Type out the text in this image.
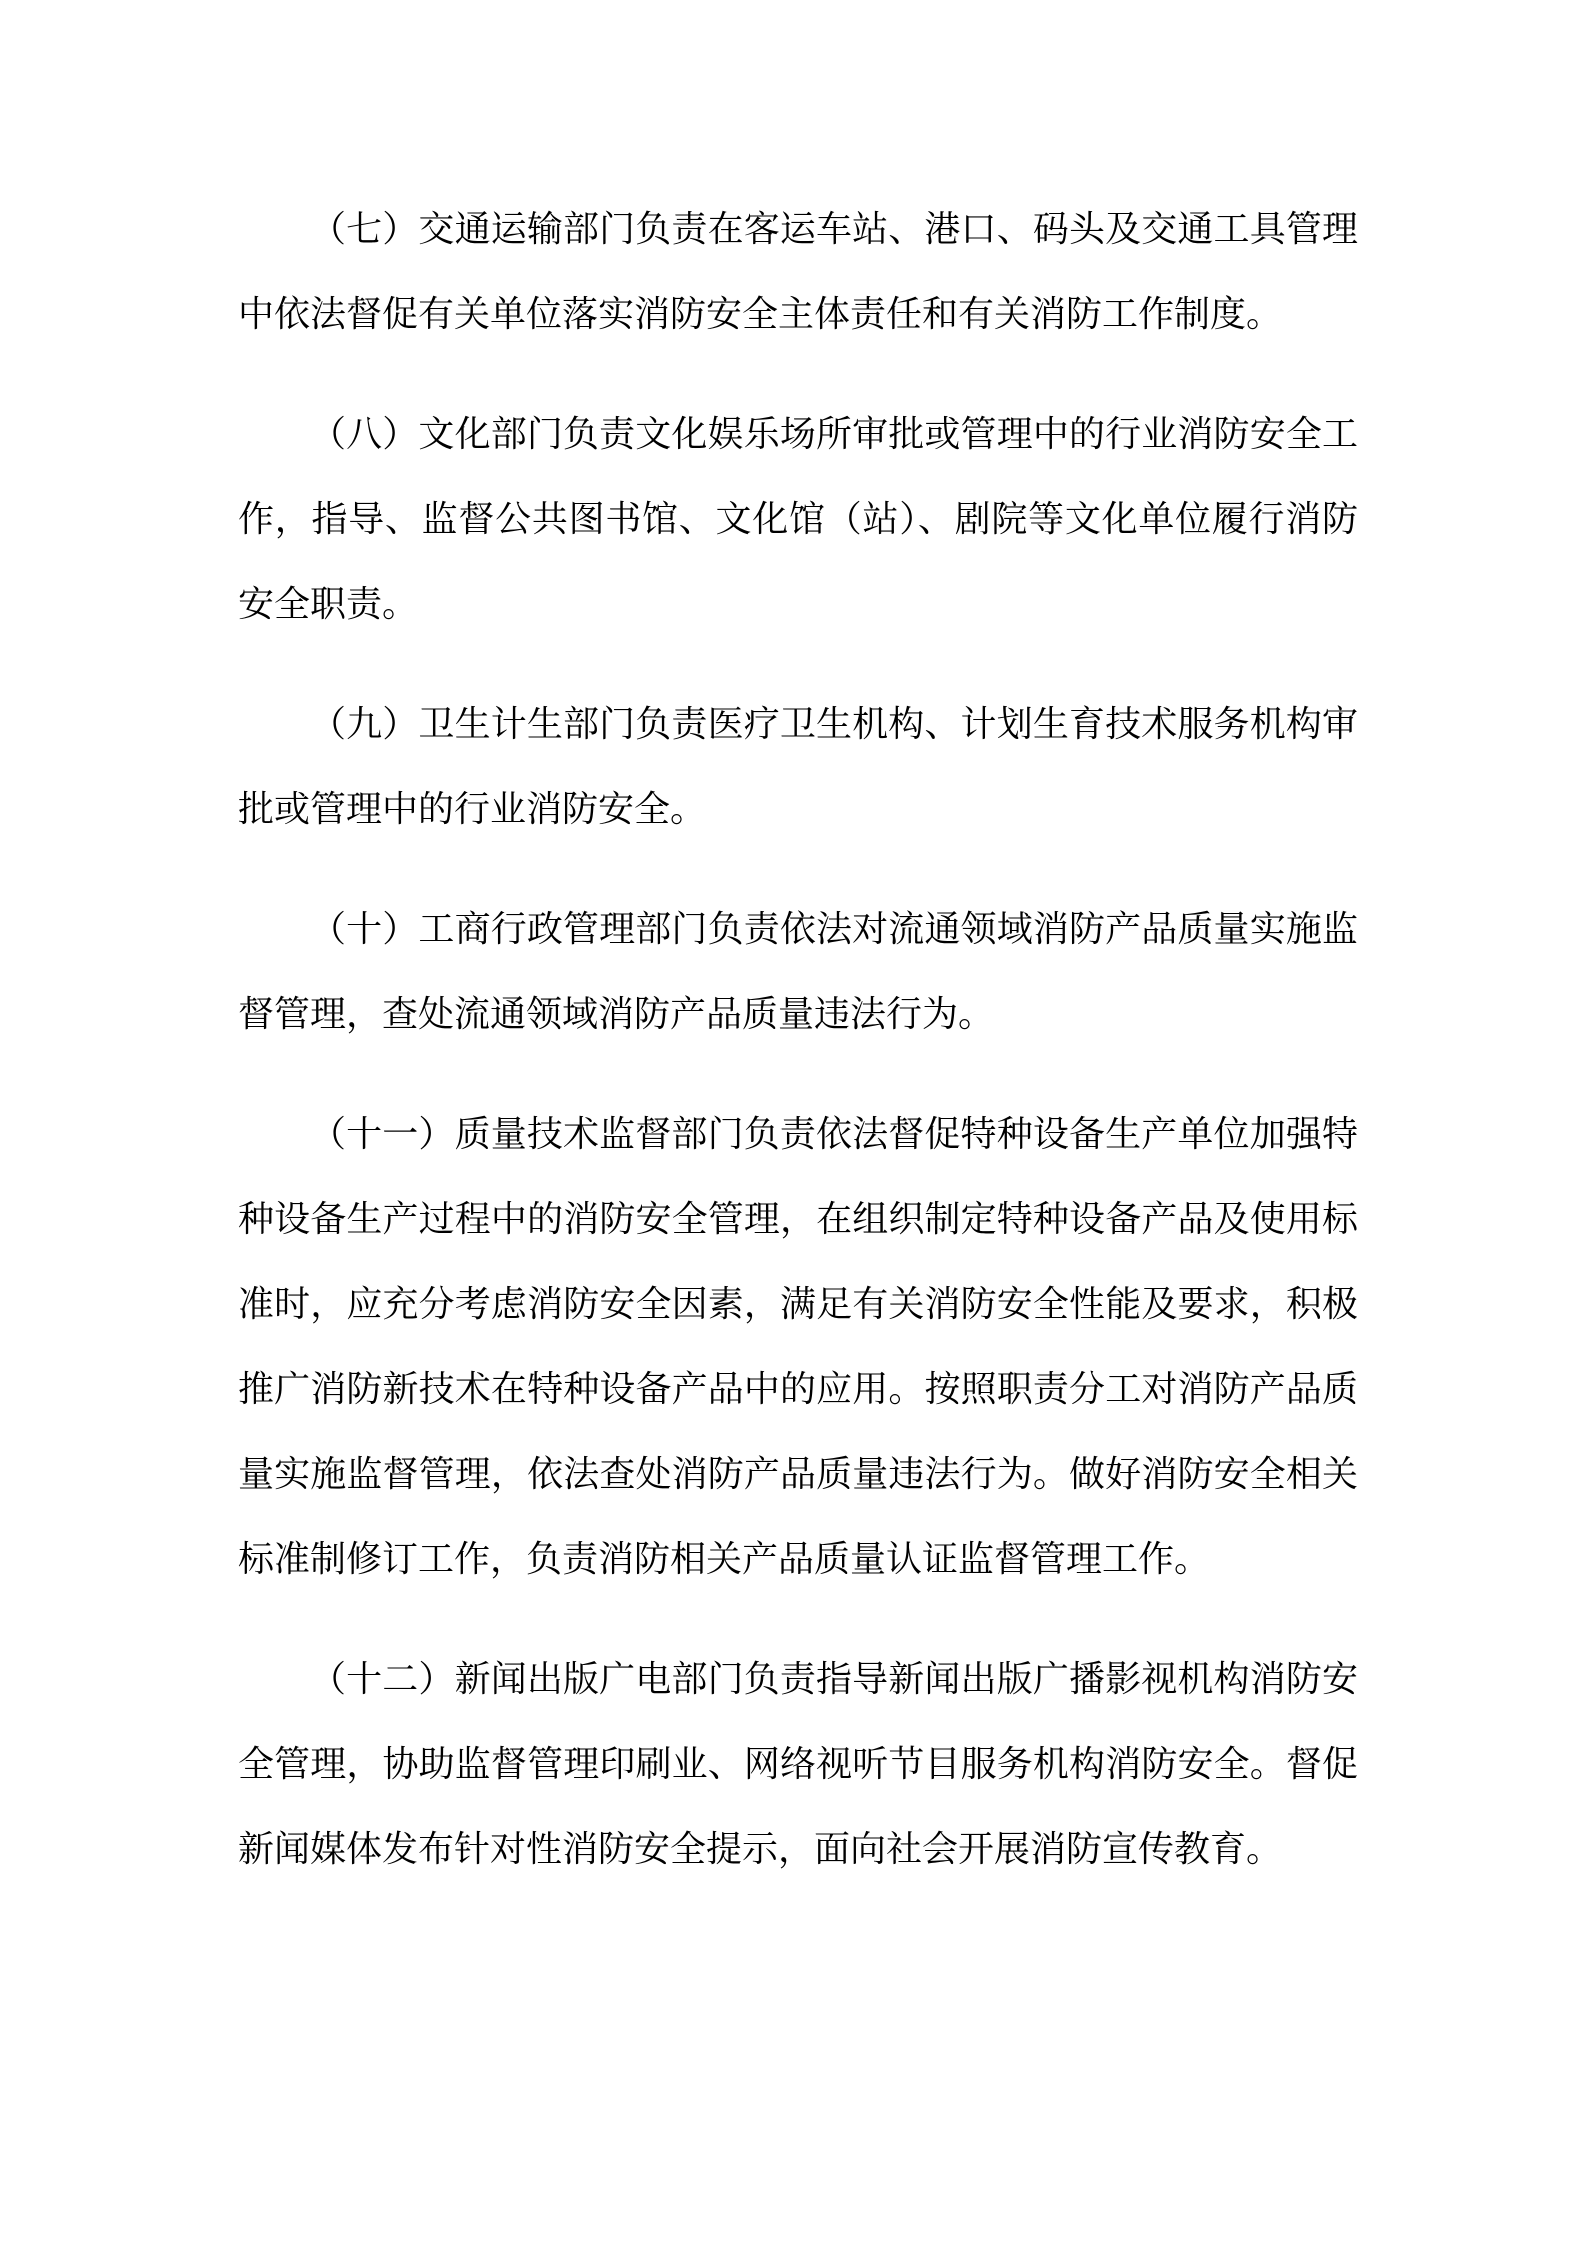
（七）交通运输部门负责在客运车站、港口、码头及交通工具管理中依法督促有关单位落实消防安全主体责任和有关消防工作制度。

（八）文化部门负责文化娱乐场所审批或管理中的行业消防安全工作，指导、监督公共图书馆、文化馆（站）、剧院等文化单位履行消防安全职责。

（九）卫生计生部门负责医疗卫生机构、计划生育技术服务机构审批或管理中的行业消防安全。

（十）工商行政管理部门负责依法对流通领域消防产品质量实施监督管理，查处流通领域消防产品质量违法行为。

（十一）质量技术监督部门负责依法督促特种设备生产单位加强特种设备生产过程中的消防安全管理，在组织制定特种设备产品及使用标准时，应充分考虑消防安全因素，满足有关消防安全性能及要求，积极推广消防新技术在特种设备产品中的应用。按照职责分工对消防产品质量实施监督管理，依法查处消防产品质量违法行为。做好消防安全相关标准制修订工作，负责消防相关产品质量认证监督管理工作。

（十二）新闻出版广电部门负责指导新闻出版广播影视机构消防安全管理，协助监督管理印刷业、网络视听节目服务机构消防安全。督促新闻媒体发布针对性消防安全提示，面向社会开展消防宣传教育。
